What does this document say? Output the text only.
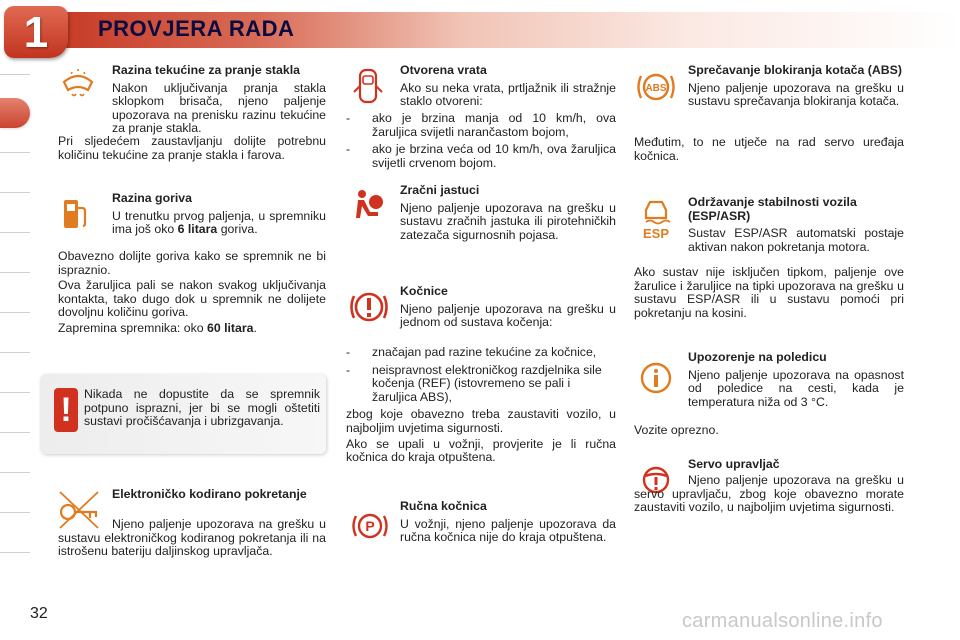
1	PROVJERA RADA
Razina tekućine za pranje stakla

Nakon uključivanja pranja stakla sklopkom brisača, njeno paljenje upozorava na prenisku razinu tekućine za pranje stakla.

Pri sljedećem zaustavljanju dolijte potrebnu količinu tekućine za pranje stakla i farova.

Razina goriva

U trenutku prvog paljenja, u spremniku ima još oko 6 litara goriva.

Obavezno dolijte goriva kako se spremnik ne bi ispraznio.

Ova žaruljica pali se nakon svakog uključivanja kontakta, tako dugo dok u spremnik ne dolijete dovoljnu količinu goriva.

Zapremina spremnika: oko 60 litara.

!	Nikada ne dopustite da se spremnik potpuno isprazni, jer bi se mogli oštetiti sustavi pročišćavanja i ubrizgavanja.

Elektroničko kodirano pokretanje

Njeno paljenje upozorava na grešku u sustavu elektroničkog kodiranog pokretanja ili na istrošenu bateriju daljinskog upravljača.

Otvorena vrata

Ako su neka vrata, prtljažnik ili stražnje staklo otvoreni:

- ako je brzina manja od 10 km/h, ova žaruljica svijetli narančastom bojom,

- ako je brzina veća od 10 km/h, ova žaruljica svijetli crvenom bojom.

Zračni jastuci

Njeno paljenje upozorava na grešku u sustavu zračnih jastuka ili pirotehničkih zatezača sigurnosnih pojasa.

Kočnice

Njeno paljenje upozorava na grešku u jednom od sustava kočenja:

- značajan pad razine tekućine za kočnice,

- neispravnost elektroničkog razdjelnika sile kočenja (REF) (istovremeno se pali i žaruljica ABS),

zbog koje obavezno treba zaustaviti vozilo, u najboljim uvjetima sigurnosti.

Ako se upali u vožnji, provjerite je li ručna kočnica do kraja otpuštena.

P
Ručna kočnica

U vožnji, njeno paljenje upozorava da ručna kočnica nije do kraja otpuštena.

ABS
Sprečavanje blokiranja kotača (ABS)

Njeno paljenje upozorava na grešku u sustavu sprečavanja blokiranja kotača.

Međutim, to ne utječe na rad servo uređaja kočnica.

ESP
Održavanje stabilnosti vozila (ESP/ASR)

Sustav ESP/ASR automatski postaje aktivan nakon pokretanja motora.

Ako sustav nije isključen tipkom, paljenje ove žarulice i žaruljice na tipki upozorava na grešku u sustavu ESP/ASR ili u sustavu pomoći pri pokretanju na kosini.

Upozorenje na poledicu

Njeno paljenje upozorava na opasnost od poledice na cesti, kada je temperatura niža od 3 °C.

Vozite oprezno.

Servo upravljač

Njeno paljenje upozorava na grešku u servo upravljaču, zbog koje obavezno morate zaustaviti vozilo, u najboljim uvjetima sigurnosti.

32	carmanualsonline.info
